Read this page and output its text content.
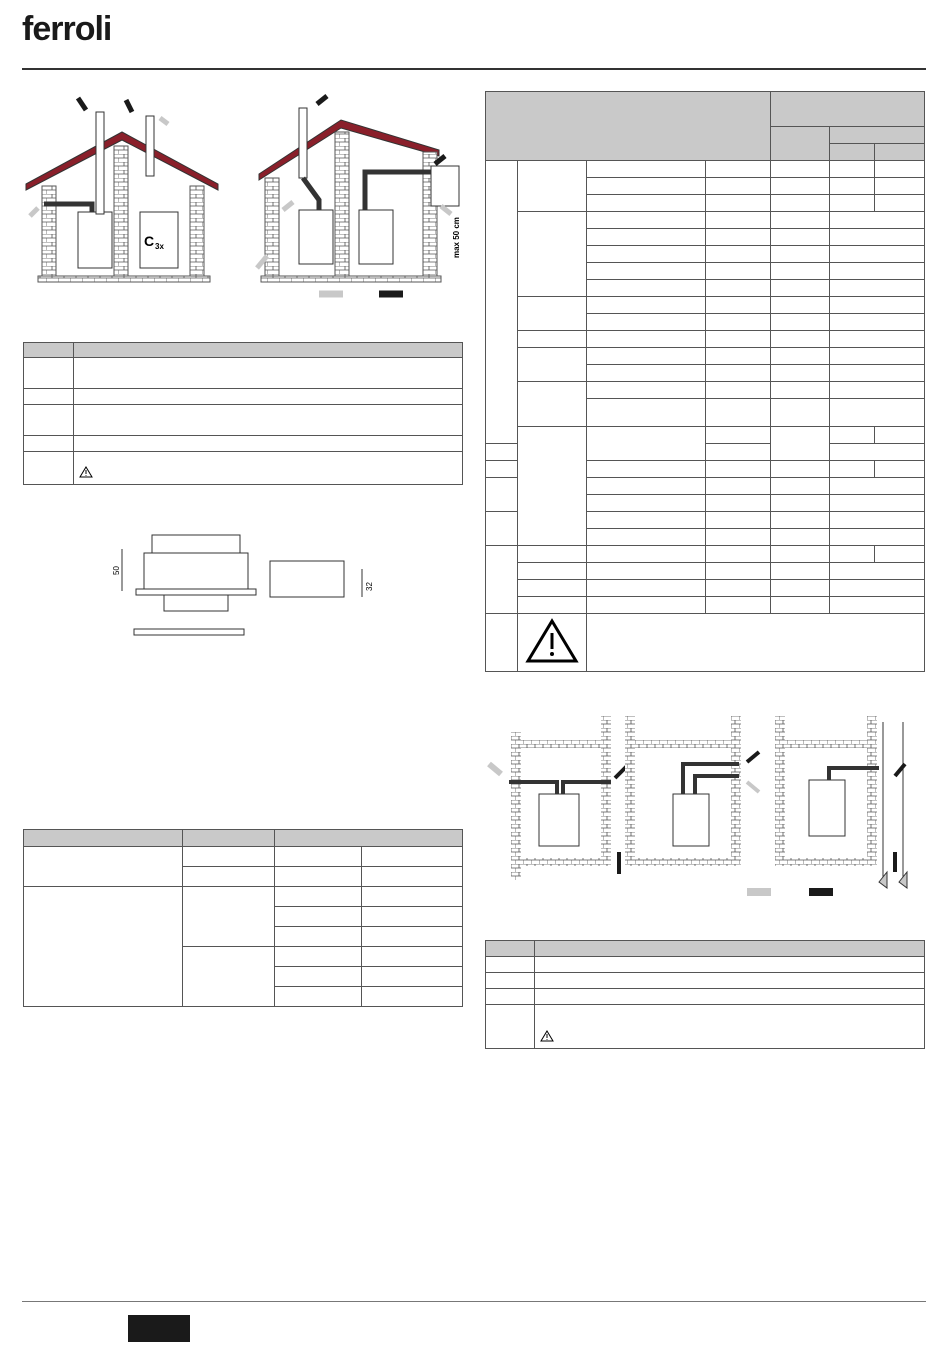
ferroli
C 3x	max 50 cm

50
32
